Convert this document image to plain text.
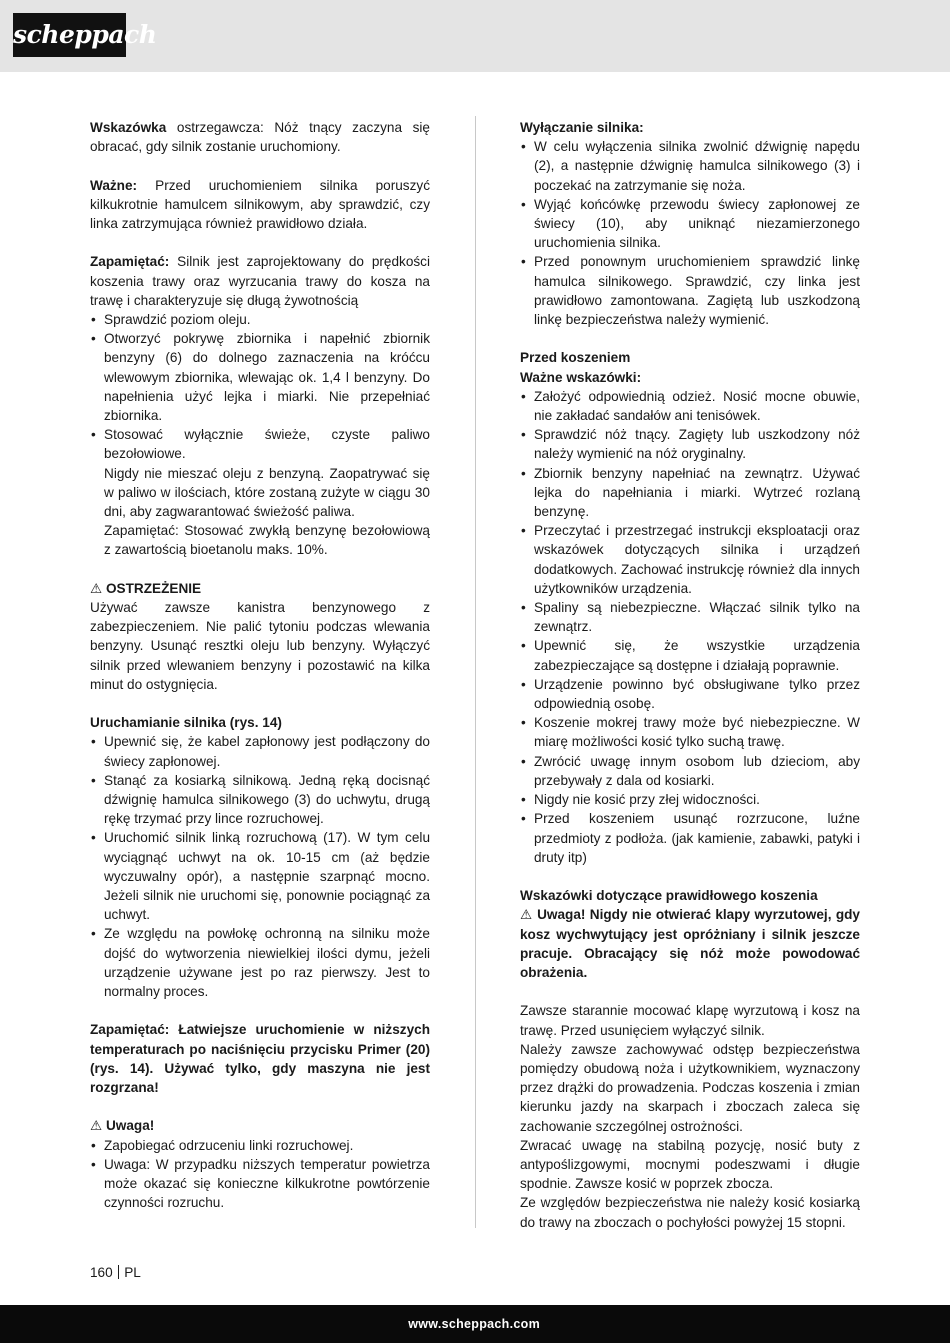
scheppach

Wskazówka ostrzegawcza: Nóż tnący zaczyna się obracać, gdy silnik zostanie uruchomiony.

Ważne: Przed uruchomieniem silnika poruszyć kilkukrotnie hamulcem silnikowym, aby sprawdzić, czy linka zatrzymująca również prawidłowo działa.

Zapamiętać: Silnik jest zaprojektowany do prędkości koszenia trawy oraz wyrzucania trawy do kosza na trawę i charakteryzuje się długą żywotnością

• Sprawdzić poziom oleju.
• Otworzyć pokrywę zbiornika i napełnić zbiornik benzyny (6) do dolnego zaznaczenia na króćcu wlewowym zbiornika, wlewając ok. 1,4 l benzyny. Do napełnienia użyć lejka i miarki. Nie przepełniać zbiornika.
• Stosować wyłącznie świeże, czyste paliwo bezołowiowe.

Nigdy nie mieszać oleju z benzyną. Zaopatrywać się w paliwo w ilościach, które zostaną zużyte w ciągu 30 dni, aby zagwarantować świeżość paliwa.

Zapamiętać: Stosować zwykłą benzynę bezołowiową z zawartością bioetanolu maks. 10%.

⚠ OSTRZEŻENIE

Używać zawsze kanistra benzynowego z zabezpieczeniem. Nie palić tytoniu podczas wlewania benzyny. Usunąć resztki oleju lub benzyny. Wyłączyć silnik przed wlewaniem benzyny i pozostawić na kilka minut do ostygnięcia.

Uruchamianie silnika (rys. 14)

• Upewnić się, że kabel zapłonowy jest podłączony do świecy zapłonowej.
• Stanąć za kosiarką silnikową. Jedną ręką docisnąć dźwignię hamulca silnikowego (3) do uchwytu, drugą rękę trzymać przy lince rozruchowej.
• Uruchomić silnik linką rozruchową (17). W tym celu wyciągnąć uchwyt na ok. 10-15 cm (aż będzie wyczuwalny opór), a następnie szarpnąć mocno. Jeżeli silnik nie uruchomi się, ponownie pociągnąć za uchwyt.
• Ze względu na powłokę ochronną na silniku może dojść do wytworzenia niewielkiej ilości dymu, jeżeli urządzenie używane jest po raz pierwszy. Jest to normalny proces.

Zapamiętać: Łatwiejsze uruchomienie w niższych temperaturach po naciśnięciu przycisku Primer (20) (rys. 14). Używać tylko, gdy maszyna nie jest rozgrzana!

⚠ Uwaga!

• Zapobiegać odrzuceniu linki rozruchowej.
• Uwaga: W przypadku niższych temperatur powietrza może okazać się konieczne kilkukrotne powtórzenie czynności rozruchu.

Wyłączanie silnika:

• W celu wyłączenia silnika zwolnić dźwignię napędu (2), a następnie dźwignię hamulca silnikowego (3) i poczekać na zatrzymanie się noża.
• Wyjąć końcówkę przewodu świecy zapłonowej ze świecy (10), aby uniknąć niezamierzonego uruchomienia silnika.
• Przed ponownym uruchomieniem sprawdzić linkę hamulca silnikowego. Sprawdzić, czy linka jest prawidłowo zamontowana. Zagiętą lub uszkodzoną linkę bezpieczeństwa należy wymienić.

Przed koszeniem

Ważne wskazówki:

• Założyć odpowiednią odzież. Nosić mocne obuwie, nie zakładać sandałów ani tenisówek.
• Sprawdzić nóż tnący. Zagięty lub uszkodzony nóż należy wymienić na nóż oryginalny.
• Zbiornik benzyny napełniać na zewnątrz. Używać lejka do napełniania i miarki. Wytrzeć rozlaną benzynę.
• Przeczytać i przestrzegać instrukcji eksploatacji oraz wskazówek dotyczących silnika i urządzeń dodatkowych. Zachować instrukcję również dla innych użytkowników urządzenia.
• Spaliny są niebezpieczne. Włączać silnik tylko na zewnątrz.
• Upewnić się, że wszystkie urządzenia zabezpieczające są dostępne i działają poprawnie.
• Urządzenie powinno być obsługiwane tylko przez odpowiednią osobę.
• Koszenie mokrej trawy może być niebezpieczne. W miarę możliwości kosić tylko suchą trawę.
• Zwrócić uwagę innym osobom lub dzieciom, aby przebywały z dala od kosiarki.
• Nigdy nie kosić przy złej widoczności.
• Przed koszeniem usunąć rozrzucone, luźne przedmioty z podłoża. (jak kamienie, zabawki, patyki i druty itp)

Wskazówki dotyczące prawidłowego koszenia

⚠ Uwaga! Nigdy nie otwierać klapy wyrzutowej, gdy kosz wychwytujący jest opróżniany i silnik jeszcze pracuje. Obracający się nóż może powodować obrażenia.

Zawsze starannie mocować klapę wyrzutową i kosz na trawę. Przed usunięciem wyłączyć silnik.

Należy zawsze zachowywać odstęp bezpieczeństwa pomiędzy obudową noża i użytkownikiem, wyznaczony przez drążki do prowadzenia. Podczas koszenia i zmian kierunku jazdy na skarpach i zboczach zaleca się zachowanie szczególnej ostrożności.

Zwracać uwagę na stabilną pozycję, nosić buty z antypoślizgowymi, mocnymi podeszwami i długie spodnie. Zawsze kosić w poprzek zbocza.

Ze względów bezpieczeństwa nie należy kosić kosiarką do trawy na zboczach o pochyłości powyżej 15 stopni.

160 PL
www.scheppach.com
